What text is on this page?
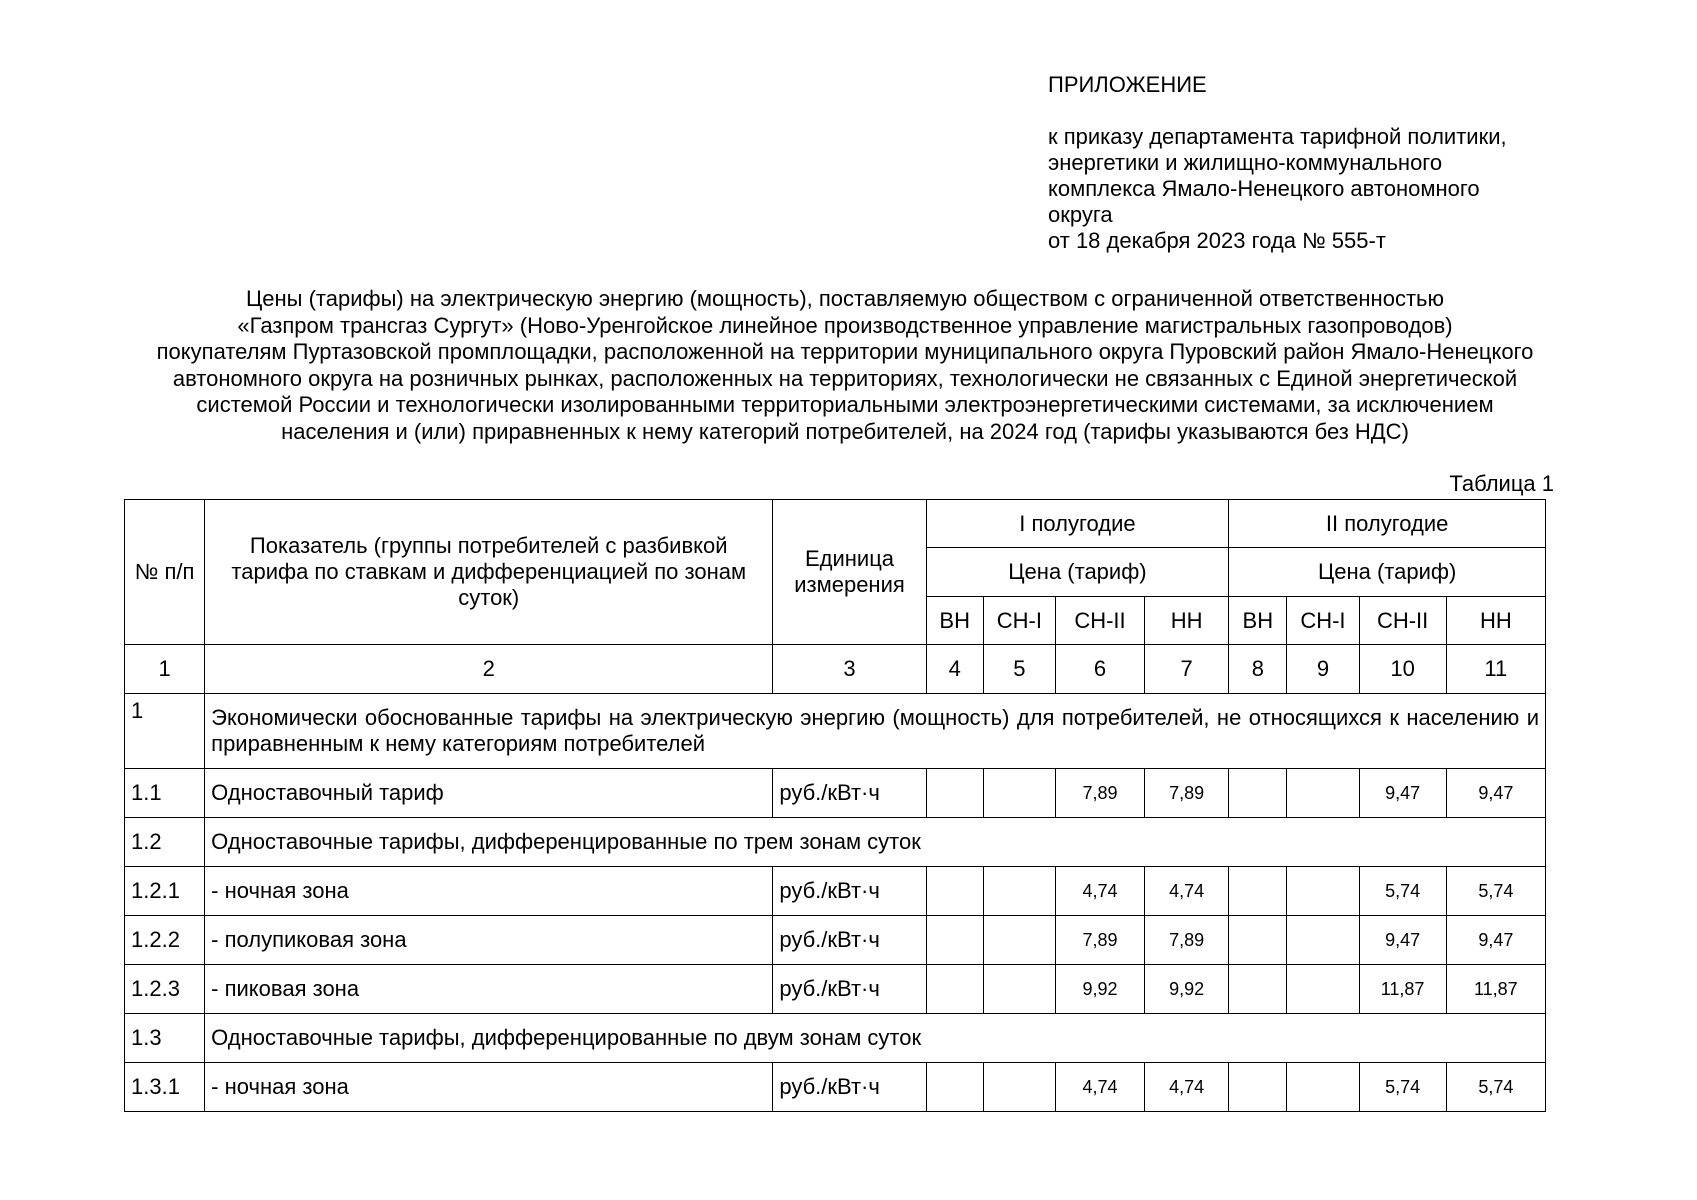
ПРИЛОЖЕНИЕ
к приказу департамента тарифной политики,
энергетики и жилищно-коммунального
комплекса Ямало-Ненецкого автономного
округа
от 18 декабря 2023 года № 555-т
Цены (тарифы) на электрическую энергию (мощность), поставляемую обществом с ограниченной ответственностью
«Газпром трансгаз Сургут» (Ново-Уренгойское линейное производственное управление магистральных газопроводов)
покупателям Пуртазовской промплощадки, расположенной на территории муниципального округа Пуровский район Ямало-Ненецкого
автономного округа на розничных рынках, расположенных на территориях, технологически не связанных с Единой энергетической
системой России и технологически изолированными территориальными электроэнергетическими системами, за исключением
населения и (или) приравненных к нему категорий потребителей, на 2024 год (тарифы указываются без НДС)
Таблица 1
№ п/п	Показатель (группы потребителей с разбивкой тарифа по ставкам и дифференциацией по зонам суток)	Единица измерения	I полугодие				II полугодие			
			Цена (тариф)				Цена (тариф)			
			ВН	СН-I	СН-II	НН	ВН	СН-I	СН-II	НН
1	2	3	4	5	6	7	8	9	10	11
1	Экономически обоснованные тарифы на электрическую энергию (мощность) для потребителей, не относящихся к населению и приравненным к нему категориям потребителей									
1.1	Одноставочный тариф	руб./кВт·ч			7,89	7,89			9,47	9,47
1.2	Одноставочные тарифы, дифференцированные по трем зонам суток									
1.2.1	- ночная зона	руб./кВт·ч			4,74	4,74			5,74	5,74
1.2.2	- полупиковая зона	руб./кВт·ч			7,89	7,89			9,47	9,47
1.2.3	- пиковая зона	руб./кВт·ч			9,92	9,92			11,87	11,87
1.3	Одноставочные тарифы, дифференцированные по двум зонам суток									
1.3.1	- ночная зона	руб./кВт·ч			4,74	4,74			5,74	5,74
